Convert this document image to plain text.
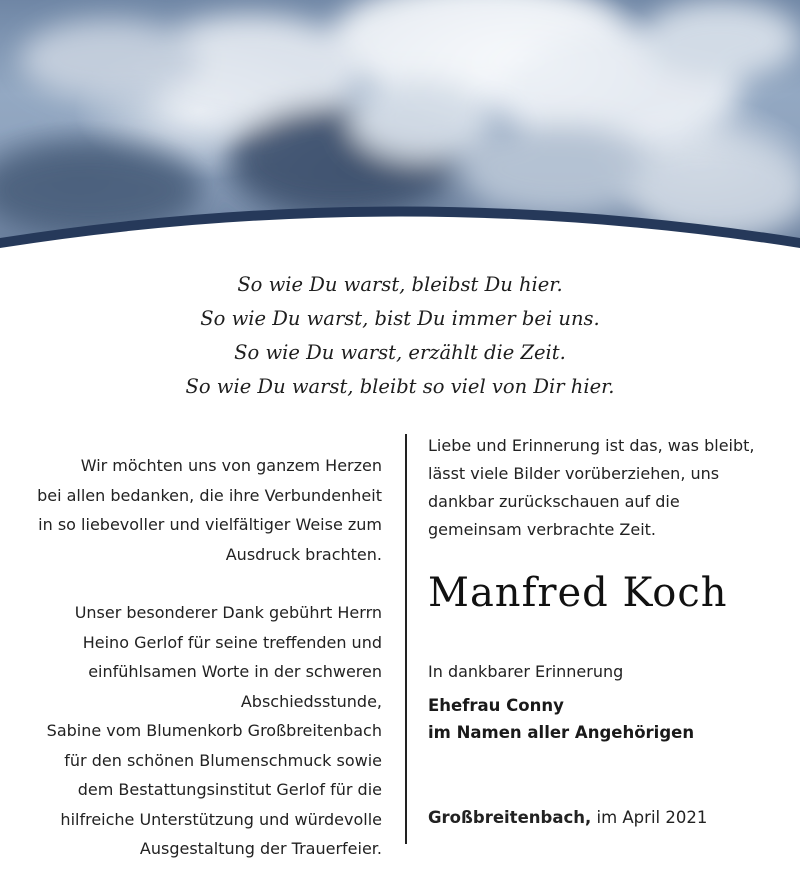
So wie Du warst, bleibst Du hier.
So wie Du warst, bist Du immer bei uns.
So wie Du warst, erzählt die Zeit.
So wie Du warst, bleibt so viel von Dir hier.

Wir möchten uns von ganzem Herzen
bei allen bedanken, die ihre Verbundenheit
in so liebevoller und vielfältiger Weise zum
Ausdruck brachten.

Unser besonderer Dank gebührt Herrn
Heino Gerlof für seine treffenden und
einfühlsamen Worte in der schweren
Abschiedsstunde,
Sabine vom Blumenkorb Großbreitenbach
für den schönen Blumenschmuck sowie
dem Bestattungsinstitut Gerlof für die
hilfreiche Unterstützung und würdevolle
Ausgestaltung der Trauerfeier.

Liebe und Erinnerung ist das, was bleibt,
lässt viele Bilder vorüberziehen, uns
dankbar zurückschauen auf die
gemeinsam verbrachte Zeit.

Manfred Koch
In dankbarer Erinnerung
Ehefrau Conny
im Namen aller Angehörigen
Großbreitenbach, im April 2021
